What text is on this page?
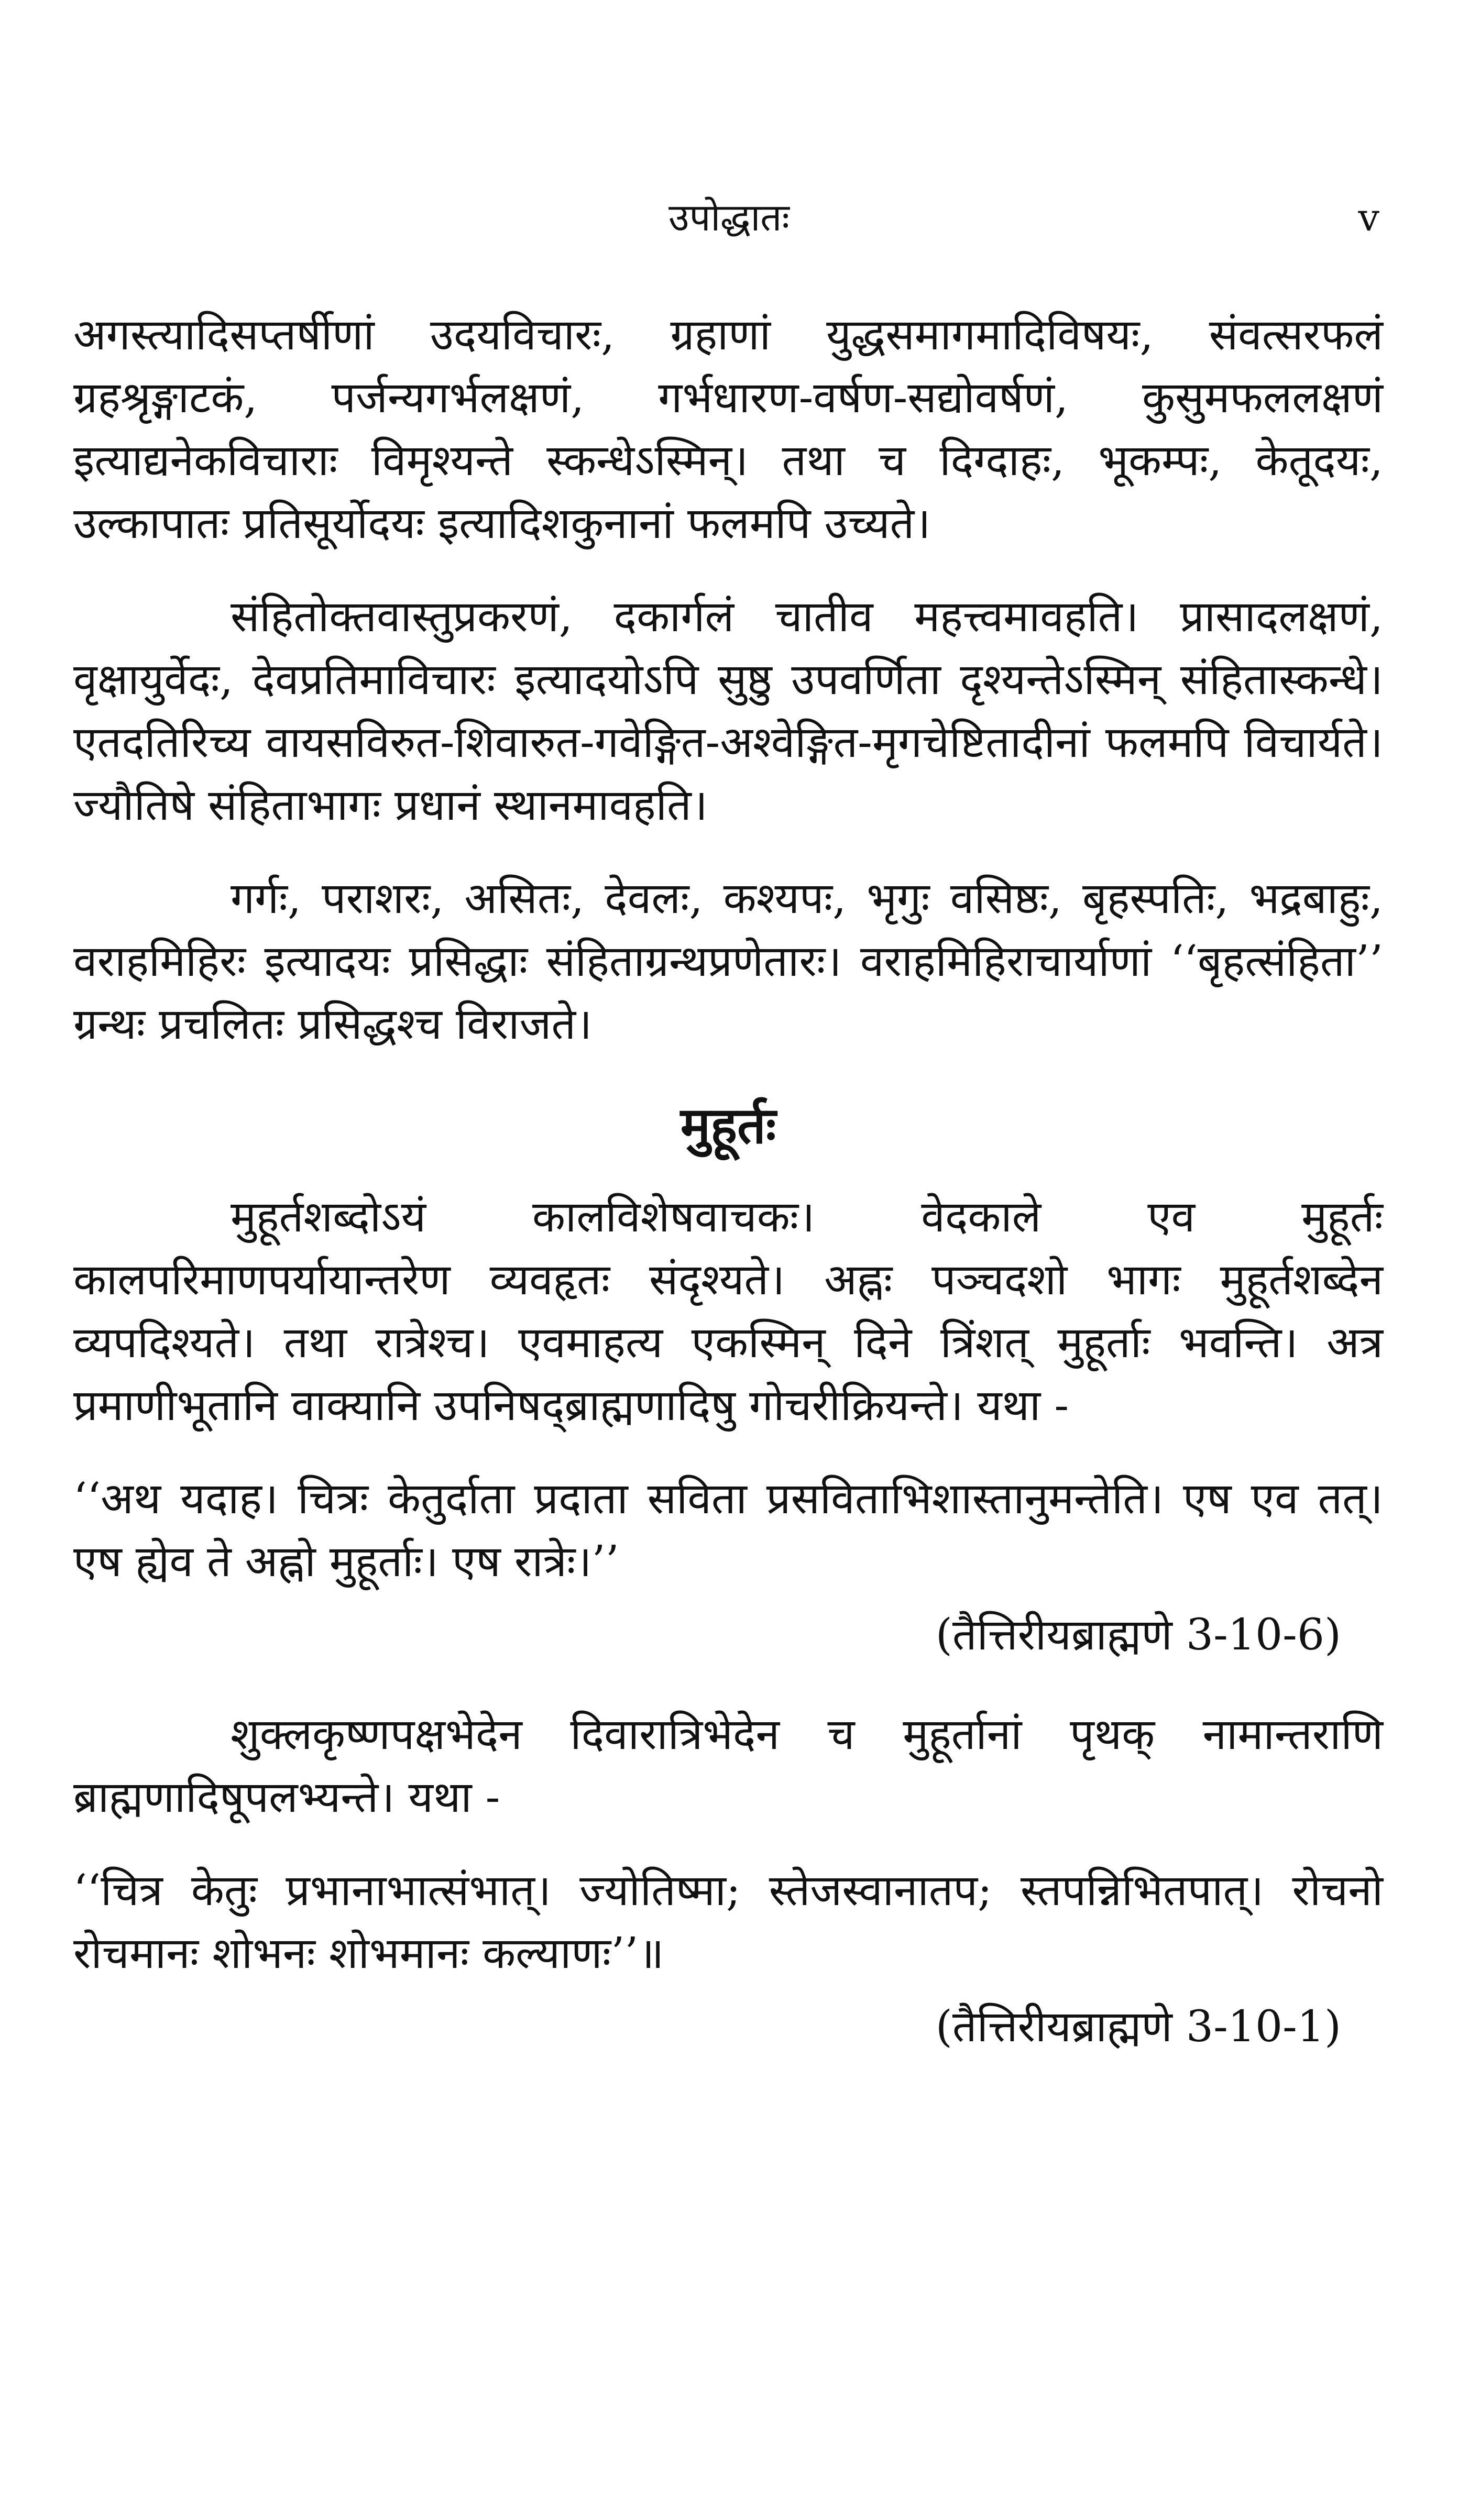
उपोद्धातः	v

अगस्त्यादिसप्तर्षीणां उदयविचारः, ग्रहाणां युद्धसमागमादिविषयः, संवत्सरफलं ग्रहश्रृङ्गाटकं, पर्जन्यगर्भलक्षणं, गर्भधारण-वर्षण-सद्योवर्षणं, कुसुमफललक्षणं इत्याद्यनेकविचाराः विमृश्यन्ते स्कन्धेऽस्मिन्। तथा च दिग्दाहः, भूकम्पः, केतूदयः, उल्कापातः प्रतिसूर्योदयः इत्यादिशकुनानां फलमपि उच्यते।

संहितोक्तवास्तुप्रकरणं, दकार्गलं चातीव महत्त्वमावहति। प्रासादलक्षणं, वृक्षायुर्वेदः, देवप्रतिमाविचारः इत्यादयोऽपि सुष्ठु उपवर्णिता दृश्यन्तेऽस्मिन् संहितास्कन्धे। एतदतिरिच्य वायसविरुत-शिवारुत-गवेङ्गित-अश्वेङ्गित-मृगचेष्टितादीनां फलमपि विचार्यते। ज्यौतिषे संहिताभागः प्रधानं स्थानमावहति।

गर्गः, पराशरः, असितः, देवलः, कश्यपः, भृगुः वसिष्ठः, बृहस्पतिः, भद्रबाहुः, वराहमिहिरः इत्यादयः प्रसिद्धाः संहिताग्रन्थप्रणेतारः। वराहमिहिराचार्याणां ‘‘बृहत्संहिता’’ ग्रन्थः प्रचलितः प्रसिद्धश्च विराजते।

मुहूर्तः

मुहूर्तशब्दोऽयं कालविशेषवाचकः। वेदकाले एव मुहूर्तः कालपरिमाणपर्यायान्तरेण व्यवहृतः संदृश्यते। अह्नः पञ्चदशो भागः मुहूर्तशब्देन व्यपदिश्यते। तथा रात्रेश्च। एवमाहत्य एकस्मिन् दिने त्रिंशत् मुहूर्ताः भवन्ति। अत्र प्रमाणीभूतानि वाक्यानि उपनिषद्ब्राह्मणादिषु गोचरीक्रियन्ते। यथा -

‘‘अथ यदाह। चित्रः केतुर्दाता प्रदाता सविता प्रसविताभिशास्तानुमन्तेति। एष एव तत्। एष ह्येव ते अह्नो मुहूर्ताः। एष रात्रेः।’’

(तैत्तिरीयब्राह्मणे 3-10-6)

शुक्लकृष्णपक्षभेदेन दिवारात्रिभेदेन च मुहूर्तानां पृथक् नामान्तराणि ब्राह्मणादिषूपलभ्यन्ते। यथा -

‘‘चित्र केतुः प्रभानाभात्संभात्। ज्योतिष्मा; स्तेजस्वानातप; स्तपन्निभितपात्। रोचनो रोचमानः शोभनः शोभमानः कल्याणः’’॥

(तैत्तिरीयब्राह्मणे 3-10-1)
